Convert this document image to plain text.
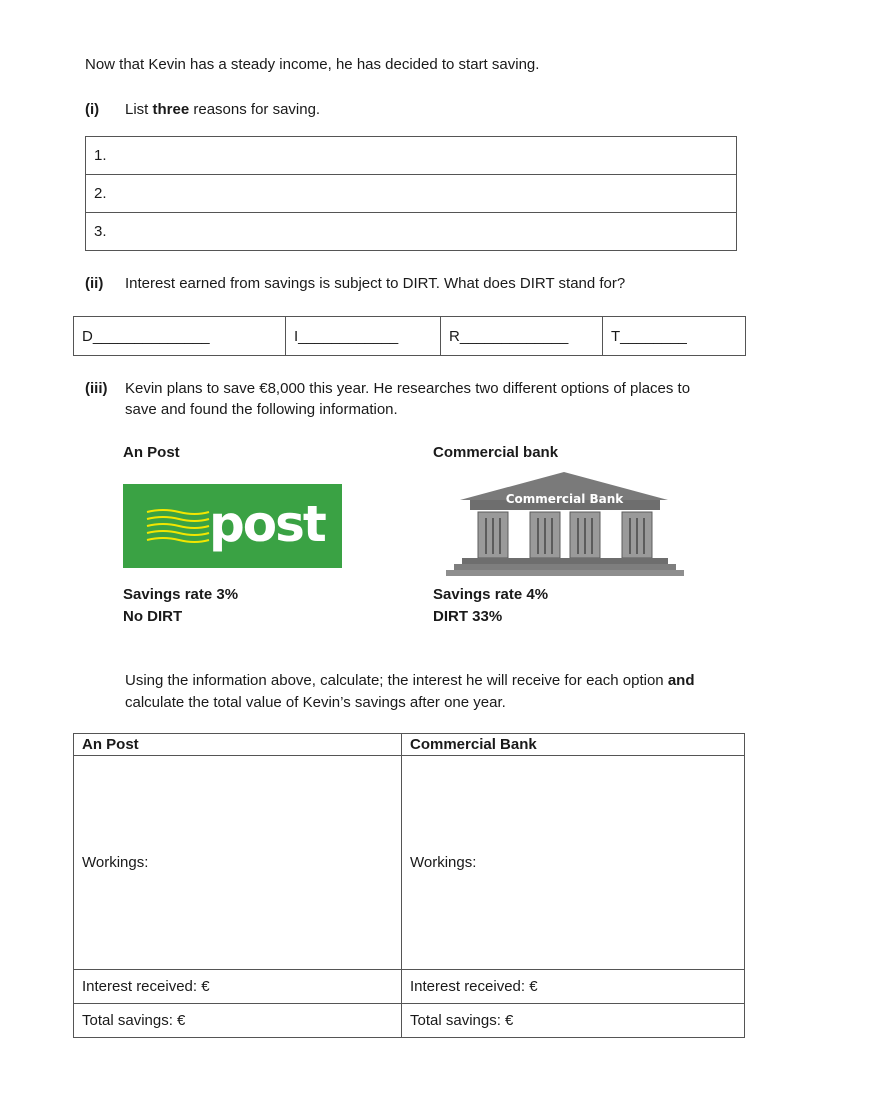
Now that Kevin has a steady income, he has decided to start saving.
(i) List three reasons for saving.
1.
2.
3.
(ii) Interest earned from savings is subject to DIRT. What does DIRT stand for?
D______________	I____________	R_____________	T________
(iii) Kevin plans to save €8,000 this year. He researches two different options of places to
save and found the following information.
An Post	Commercial bank
post	Commercial Bank
Savings rate 3%
No DIRT
Savings rate 4%
DIRT 33%
Using the information above, calculate; the interest he will receive for each option and
calculate the total value of Kevin’s savings after one year.
An Post	Commercial Bank
Workings:	Workings:
Interest received: €	Interest received: €
Total savings: €	Total savings: €
